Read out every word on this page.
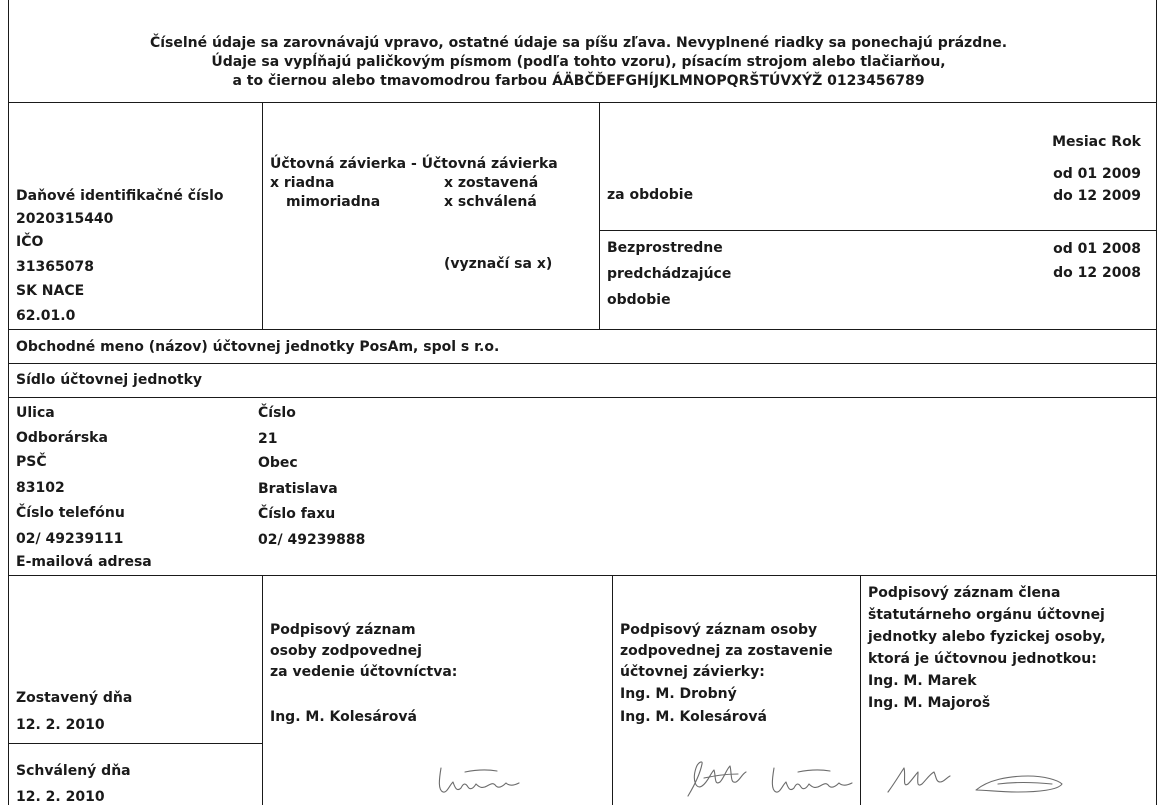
Číselné údaje sa zarovnávajú vpravo, ostatné údaje sa píšu zľava. Nevyplnené riadky sa ponechajú prázdne.
Údaje sa vypĺňajú paličkovým písmom (podľa tohto vzoru), písacím strojom alebo tlačiarňou,
a to čiernou alebo tmavomodrou farbou ÁÄBČĎEFGHÍJKLMNOPQRŠTÚVXÝŽ 0123456789
Daňové identifikačné číslo
2020315440
IČO
31365078
SK NACE
62.01.0
Účtovná závierka - Účtovná závierka
x riadna
mimoriadna
x zostavená
x schválená
(vyznačí sa x)
Mesiac Rok
za obdobie
od 01 2009
do 12 2009
Bezprostredne
predchádzajúce
obdobie
od 01 2008
do 12 2008
Obchodné meno (názov) účtovnej jednotky PosAm, spol s r.o.
Sídlo účtovnej jednotky
Ulica
Odborárska
PSČ
83102
Číslo telefónu
02/ 49239111
E-mailová adresa
Číslo
21
Obec
Bratislava
Číslo faxu
02/ 49239888
Zostavený dňa
12. 2. 2010
Schválený dňa
12. 2. 2010
Podpisový záznam
osoby zodpovednej
za vedenie účtovníctva:
Ing. M. Kolesárová
Podpisový záznam osoby
zodpovednej za zostavenie
účtovnej závierky:
Ing. M. Drobný
Ing. M. Kolesárová
Podpisový záznam člena
štatutárneho orgánu účtovnej
jednotky alebo fyzickej osoby,
ktorá je účtovnou jednotkou:
Ing. M. Marek
Ing. M. Majoroš
